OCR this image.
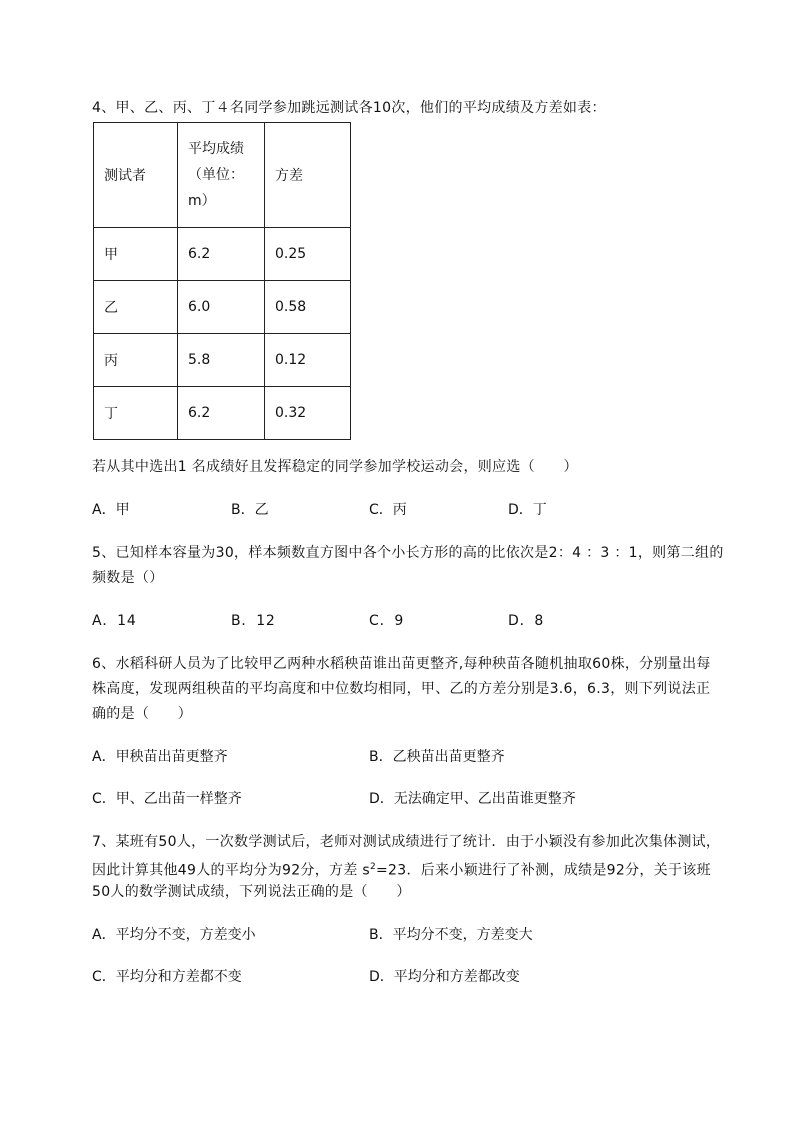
4、甲、乙、丙、丁４名同学参加跳远测试各10次，他们的平均成绩及方差如表：
测试者	平均成绩（单位：m）	方差
甲	6.2	0.25
乙	6.0	0.58
丙	5.8	0.12
丁	6.2	0.32
若从其中选出1 名成绩好且发挥稳定的同学参加学校运动会，则应选（　　）
A．甲	B．乙	C．丙	D．丁
5、已知样本容量为30，样本频数直方图中各个小长方形的高的比依次是2：4 ：3 ：1，则第二组的
频数是（）
A．14	B．12	C．9	D．8
6、水稻科研人员为了比较甲乙两种水稻秧苗谁出苗更整齐,每种秧苗各随机抽取60株，分别量出每
株高度，发现两组秧苗的平均高度和中位数均相同，甲、乙的方差分别是3.6，6.3，则下列说法正
确的是（　　）
A．甲秧苗出苗更整齐	B．乙秧苗出苗更整齐
C．甲、乙出苗一样整齐	D．无法确定甲、乙出苗谁更整齐
7、某班有50人，一次数学测试后，老师对测试成绩进行了统计．由于小颖没有参加此次集体测试，
因此计算其他49人的平均分为92分，方差 $s^2=23$．后来小颖进行了补测，成绩是92分，关于该班
50人的数学测试成绩，下列说法正确的是（　　）
A．平均分不变，方差变小	B．平均分不变，方差变大
C．平均分和方差都不变	D．平均分和方差都改变
